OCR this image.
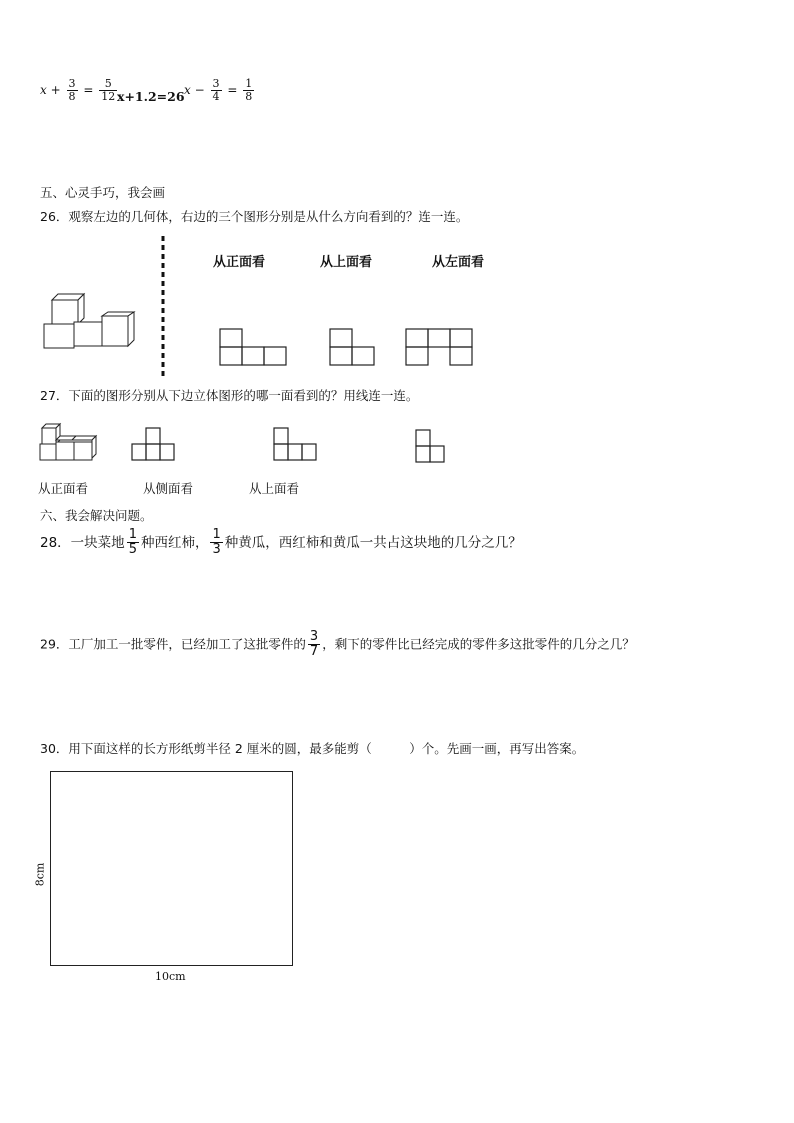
$x + \frac{3}{8} = \frac{5}{12} x+1.2=26$ $x - \frac{3}{4} = \frac{1}{8}$
五、心灵手巧，我会画
26．观察左边的几何体，右边的三个图形分别是从什么方向看到的？连一连。
从正面看	从上面看	从左面看
27．下面的图形分别从下边立体图形的哪一面看到的？用线连一连。
从正面看	从侧面看	从上面看
六、我会解决问题。
28．一块菜地 $\frac{1}{5}$ 种西红柿， $\frac{1}{3}$ 种黄瓜，西红柿和黄瓜一共占这块地的几分之几？
29．工厂加工一批零件，已经加工了这批零件的 $\frac{3}{7}$ ，剩下的零件比已经完成的零件多这批零件的几分之几？
30．用下面这样的长方形纸剪半径 2 厘米的圆，最多能剪（　　　）个。先画一画，再写出答案。
10cm
8cm
